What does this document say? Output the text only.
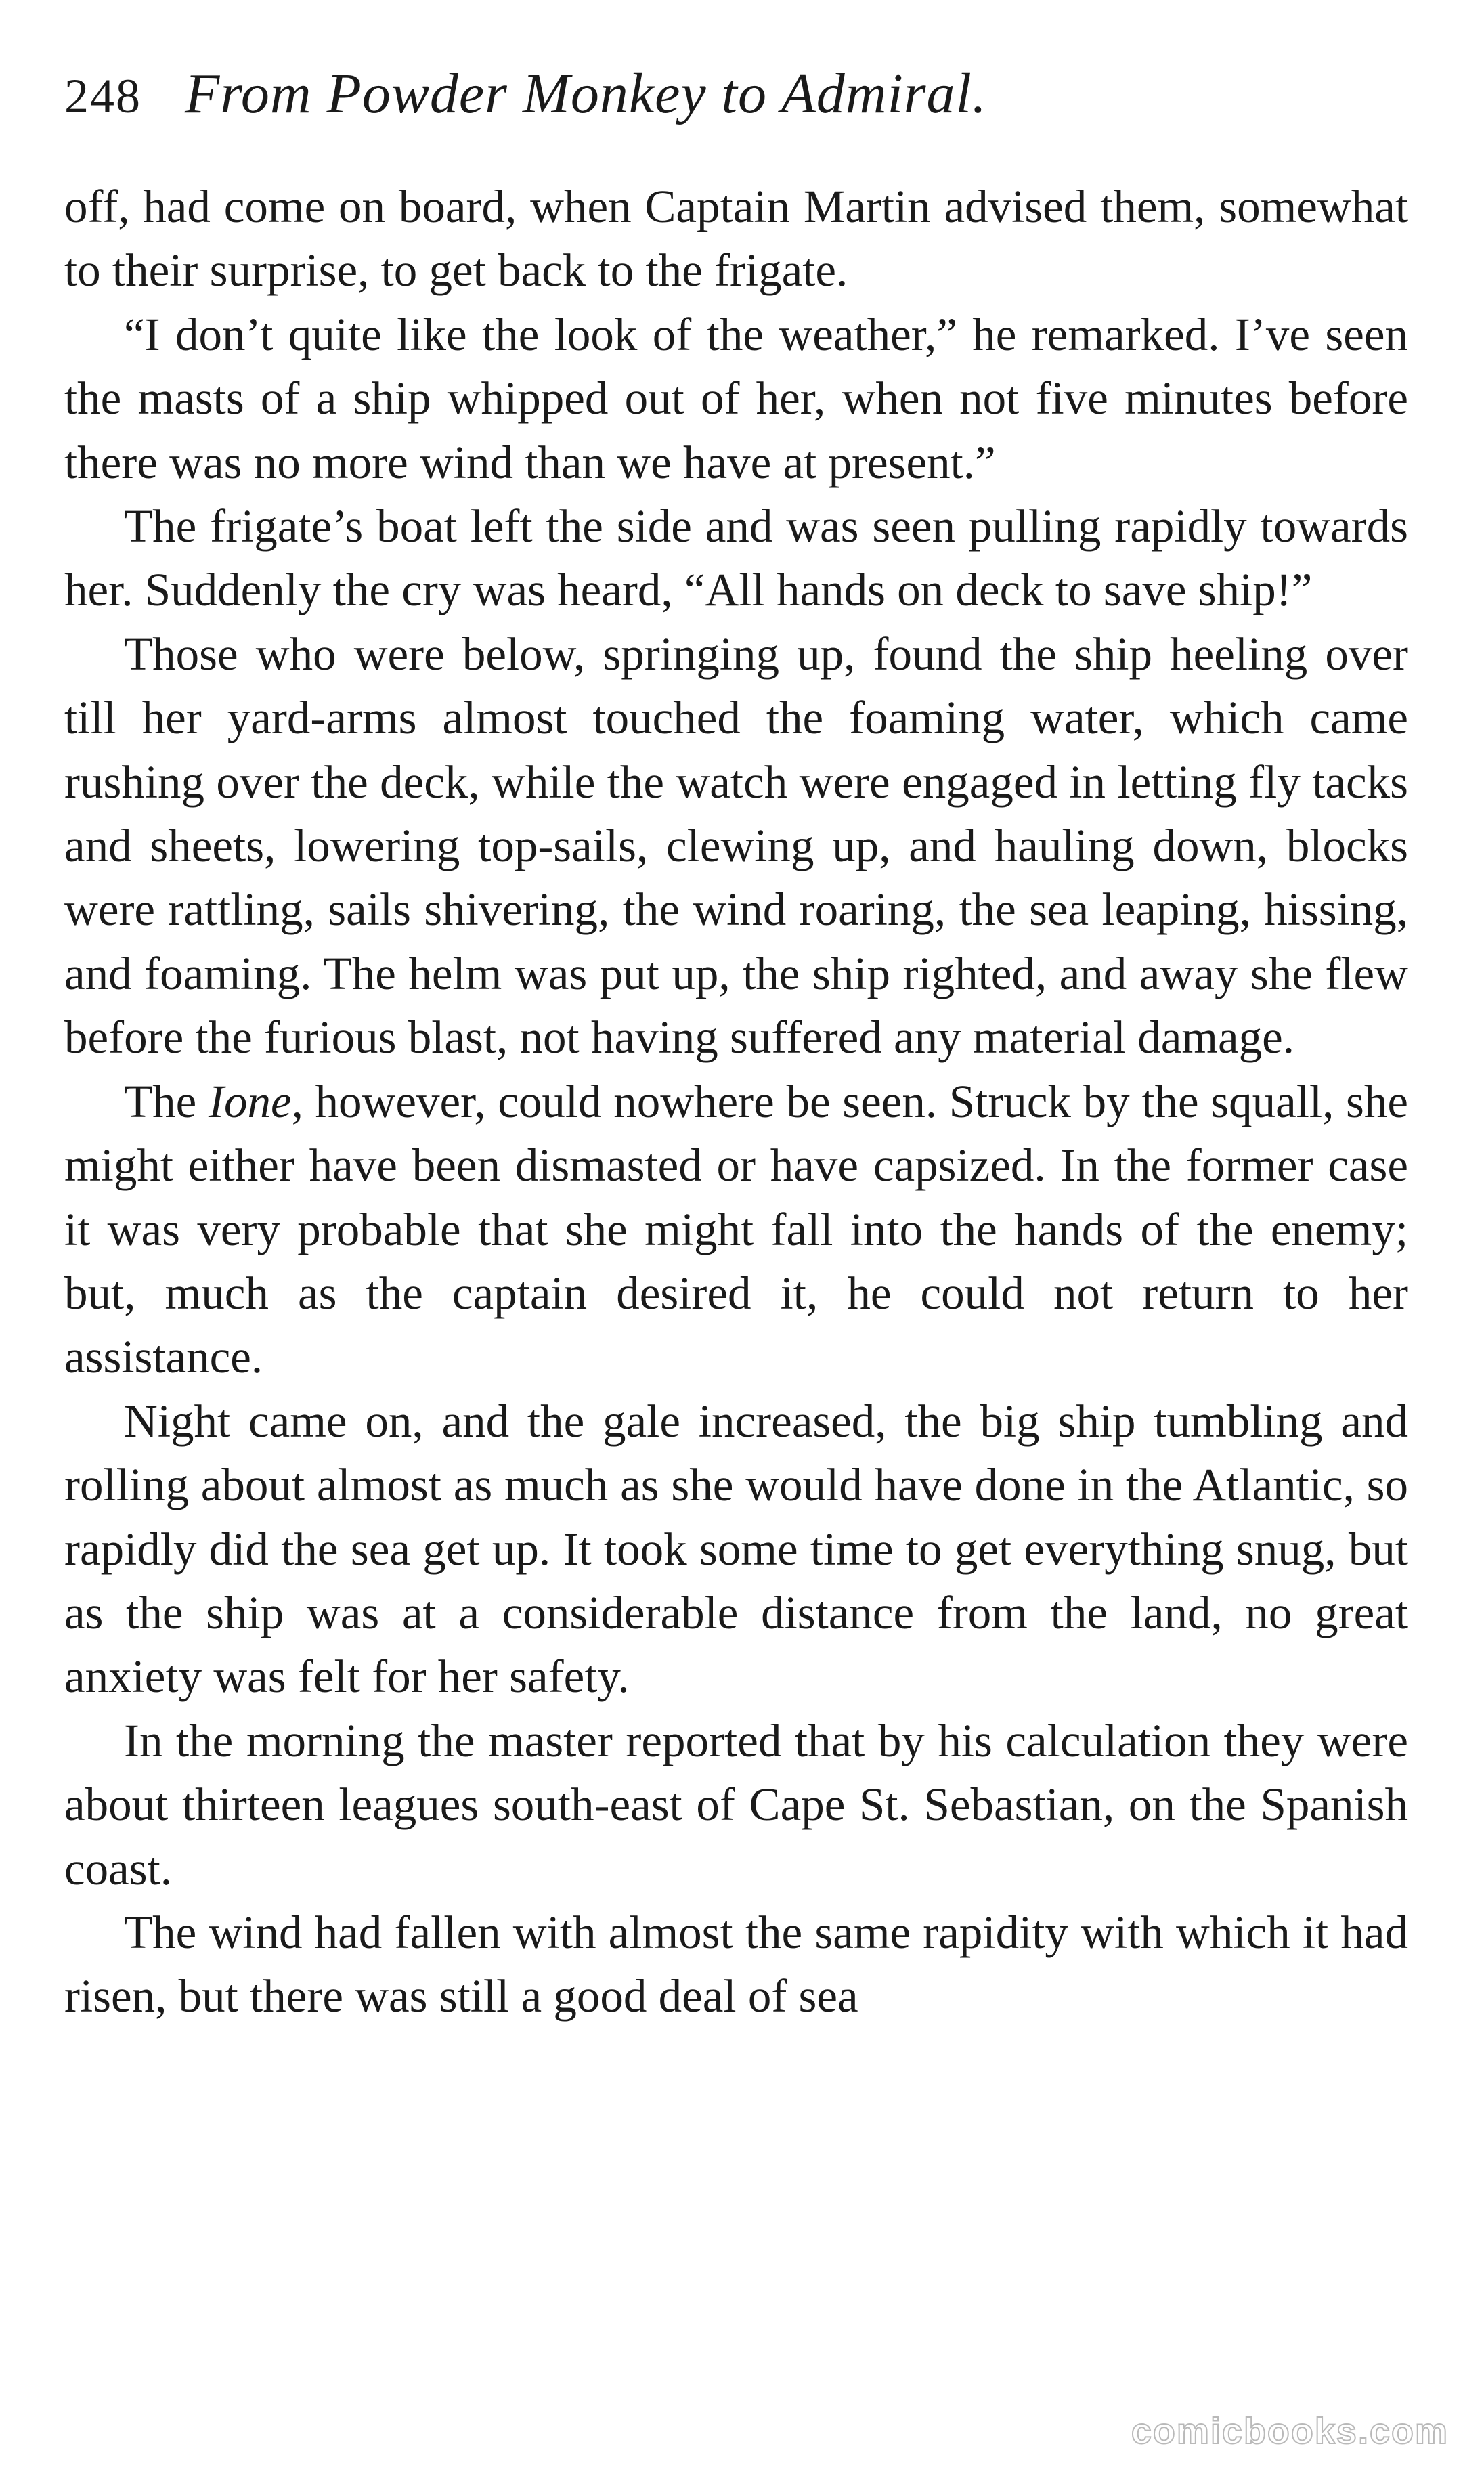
248 From Powder Monkey to Admiral.

off, had come on board, when Captain Martin advised them, somewhat to their surprise, to get back to the frigate.

“I don’t quite like the look of the weather,” he remarked. I’ve seen the masts of a ship whipped out of her, when not five minutes before there was no more wind than we have at present.”

The frigate’s boat left the side and was seen pulling rapidly towards her. Suddenly the cry was heard, “All hands on deck to save ship!”

Those who were below, springing up, found the ship heeling over till her yard-arms almost touched the foaming water, which came rushing over the deck, while the watch were engaged in letting fly tacks and sheets, lowering top-sails, clewing up, and hauling down, blocks were rattling, sails shivering, the wind roaring, the sea leaping, hissing, and foaming. The helm was put up, the ship righted, and away she flew before the furious blast, not having suffered any material damage.

The Ione, however, could nowhere be seen. Struck by the squall, she might either have been dismasted or have capsized. In the former case it was very probable that she might fall into the hands of the enemy; but, much as the captain desired it, he could not return to her assistance.

Night came on, and the gale increased, the big ship tumbling and rolling about almost as much as she would have done in the Atlantic, so rapidly did the sea get up. It took some time to get everything snug, but as the ship was at a considerable distance from the land, no great anxiety was felt for her safety.

In the morning the master reported that by his calculation they were about thirteen leagues south-east of Cape St. Sebastian, on the Spanish coast.

The wind had fallen with almost the same rapidity with which it had risen, but there was still a good deal of sea

comicbooks.com
